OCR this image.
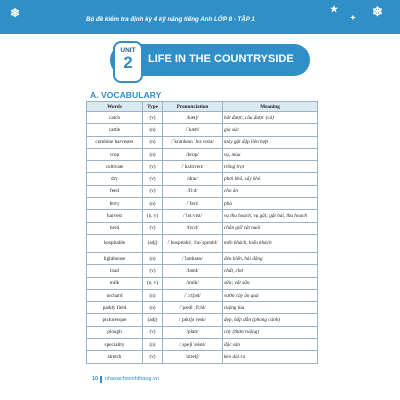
❄	★
✦ ❄
Bộ đề kiểm tra định kỳ 4 kỹ năng tiếng Anh LỚP 8 - TẬP 1
UNIT
2	LIFE IN THE COUNTRYSIDE
A. VOCABULARY
Words	Type	Pronunciation	Meaning
catch	(v)	/kætʃ/	bắt được, cầu được (cá)
cattle	(n)	/ˈkætl/	gia súc
combine harvester	(n)	/ˈkɒmbaɪn ˈhɑːvɪstə/	máy gặt đập liên hợp
crop	(n)	/krɒp/	vụ, mùa
cultivate	(v)	/ˈkʌltɪveɪt/	trồng trọt
dry	(v)	/draɪ/	phơi khô, sấy khô
feed	(v)	/fiːd/	cho ăn
ferry	(n)	/ˈferi/	phà
harvest	(n, v)	/ˈhɑːvɪst/	vụ thu hoạch, vụ gặt; gặt hái, thu hoạch
herd	(v)	/hɜːd/	chăn giữ vật nuôi
hospitable	(adj)	/ˈhɒspɪtəbl/, /hɒˈspɪtəbl/	mến khách, hiếu khách
lighthouse	(n)	/ˈlaɪthaʊs/	đèn biển, hải đăng
load	(v)	/ləʊd/	chất, chở
milk	(n, v)	/mɪlk/	sữa; vắt sữa
orchard	(n)	/ˈɔːtʃəd/	vườn cây ăn quả
paddy field	(n)	/ˈpædi ˌfiːld/	ruộng lúa
picturesque	(adj)	/ˌpɪktʃəˈresk/	đẹp, hấp dẫn (phong cảnh)
plough	(v)	/plaʊ/	cày (thửa ruộng)
speciality	(n)	/ˌspeʃiˈæləti/	đặc sản
stretch	(v)	/stretʃ/	kéo dài ra
10 nhasachminhthang.vn
